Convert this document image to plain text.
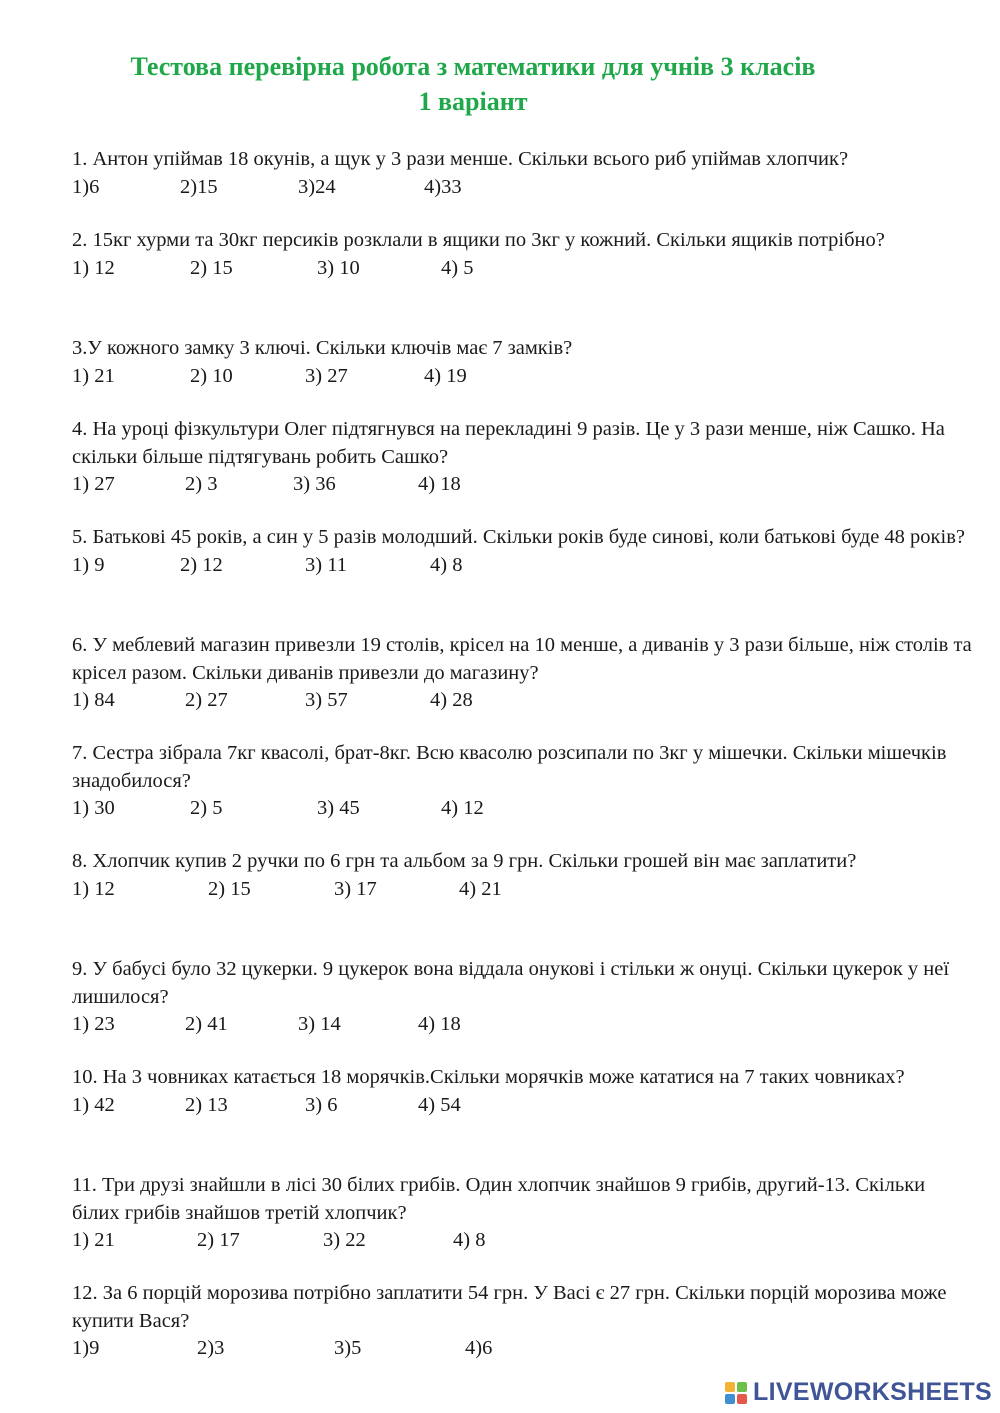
Тестова перевірна робота з математики для учнів 3 класів
1 варіант

1. Антон упіймав 18 окунів, а щук у 3 рази менше. Скільки всього риб упіймав хлопчик?

1)6	2)15	3)24	4)33

2. 15кг хурми та 30кг персиків розклали в ящики по 3кг у кожний. Скільки ящиків потрібно?

1) 12	2) 15	3) 10	4) 5

3.У кожного замку 3 ключі. Скільки ключів має 7 замків?

1) 21	2) 10	3) 27	4) 19

4. На уроці фізкультури Олег підтягнувся на перекладині 9 разів. Це у 3 рази менше, ніж Сашко. На скільки більше підтягувань робить Сашко?

1) 27	2) 3	3) 36	4) 18

5. Батькові 45 років, а син у 5 разів молодший. Скільки років буде синові, коли батькові буде 48 років?

1) 9	2) 12	3) 11	4) 8

6. У меблевий магазин привезли 19 столів, крісел на 10 менше, а диванів у 3 рази більше, ніж столів та крісел разом. Скільки диванів привезли до магазину?

1) 84	2) 27	3) 57	4) 28

7. Сестра зібрала 7кг квасолі, брат-8кг. Всю квасолю розсипали по 3кг у мішечки. Скільки мішечків знадобилося?

1) 30	2) 5	3) 45	4) 12

8. Хлопчик купив 2 ручки по 6 грн та альбом за 9 грн. Скільки грошей він має заплатити?

1) 12	2) 15	3) 17	4) 21

9. У бабусі було 32 цукерки. 9 цукерок вона віддала онукові і стільки ж онуці. Скільки цукерок у неї лишилося?

1) 23	2) 41	3) 14	4) 18

10. На 3 човниках катається 18 морячків.Скільки морячків може кататися на 7 таких човниках?

1) 42	2) 13	3) 6	4) 54

11. Три друзі знайшли в лісі 30 білих грибів. Один хлопчик знайшов 9 грибів, другий-13. Скільки білих грибів знайшов третій хлопчик?

1) 21	2) 17	3) 22	4) 8

12. За 6 порцій морозива потрібно заплатити 54 грн. У Васі є 27 грн. Скільки порцій морозива може купити Вася?

1)9	2)3	3)5	4)6
LIVEWORKSHEETS
